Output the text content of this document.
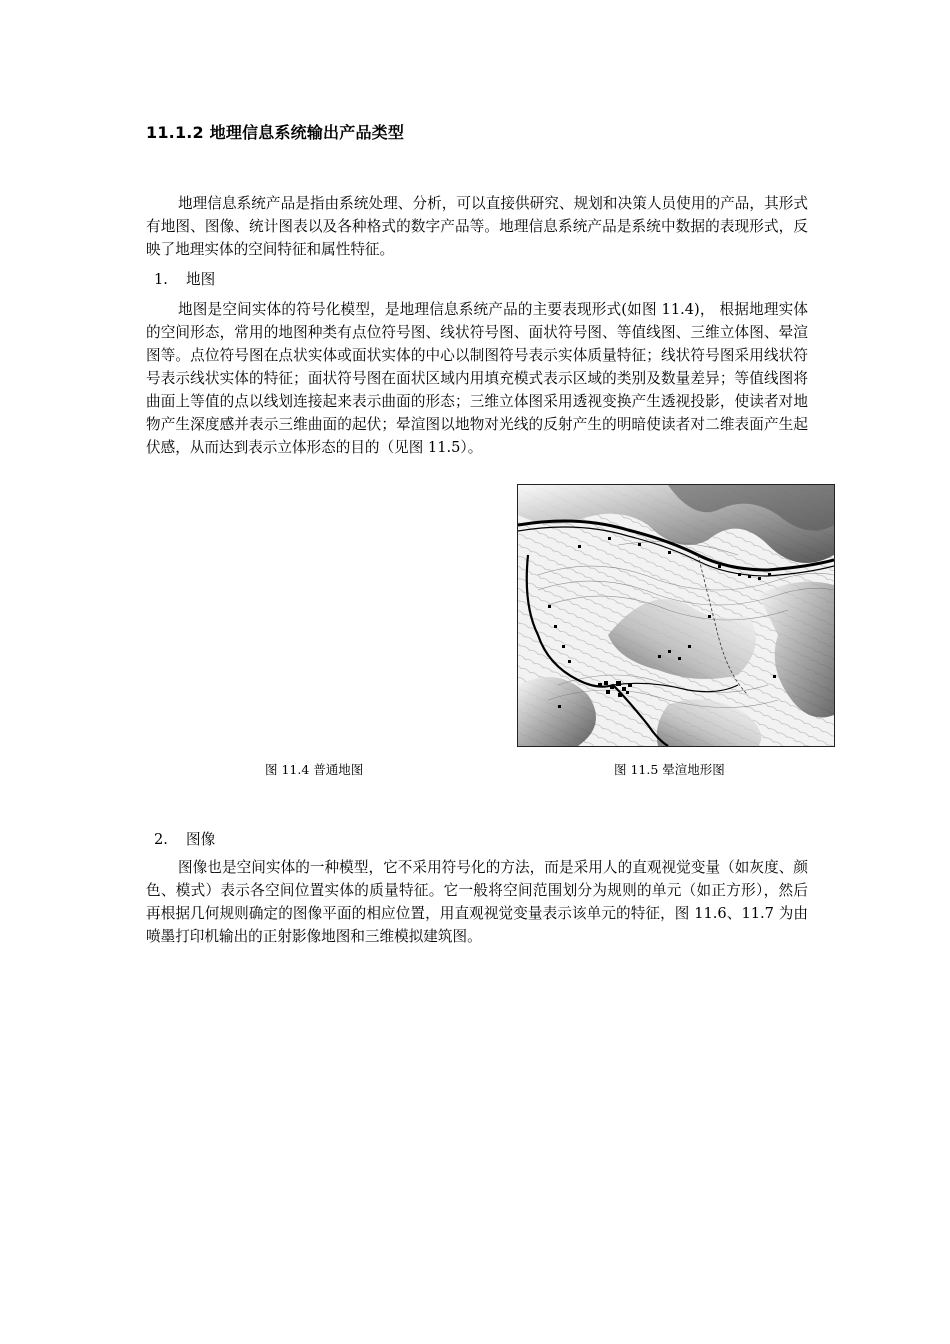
11.1.2 地理信息系统输出产品类型

地理信息系统产品是指由系统处理、分析，可以直接供研究、规划和决策人员使用的产品，其形式有地图、图像、统计图表以及各种格式的数字产品等。地理信息系统产品是系统中数据的表现形式，反映了地理实体的空间特征和属性特征。

1. 地图

地图是空间实体的符号化模型，是地理信息系统产品的主要表现形式(如图 11.4)， 根据地理实体的空间形态，常用的地图种类有点位符号图、线状符号图、面状符号图、等值线图、三维立体图、晕渲图等。点位符号图在点状实体或面状实体的中心以制图符号表示实体质量特征；线状符号图采用线状符号表示线状实体的特征；面状符号图在面状区域内用填充模式表示区域的类别及数量差异；等值线图将曲面上等值的点以线划连接起来表示曲面的形态；三维立体图采用透视变换产生透视投影，使读者对地物产生深度感并表示三维曲面的起伏；晕渲图以地物对光线的反射产生的明暗使读者对二维表面产生起伏感，从而达到表示立体形态的目的（见图 11.5）。

图 11.4 普通地图	图 11.5 晕渲地形图
2. 图像

图像也是空间实体的一种模型，它不采用符号化的方法，而是采用人的直观视觉变量（如灰度、颜色、模式）表示各空间位置实体的质量特征。它一般将空间范围划分为规则的单元（如正方形），然后再根据几何规则确定的图像平面的相应位置，用直观视觉变量表示该单元的特征，图 11.6、11.7 为由喷墨打印机输出的正射影像地图和三维模拟建筑图。
